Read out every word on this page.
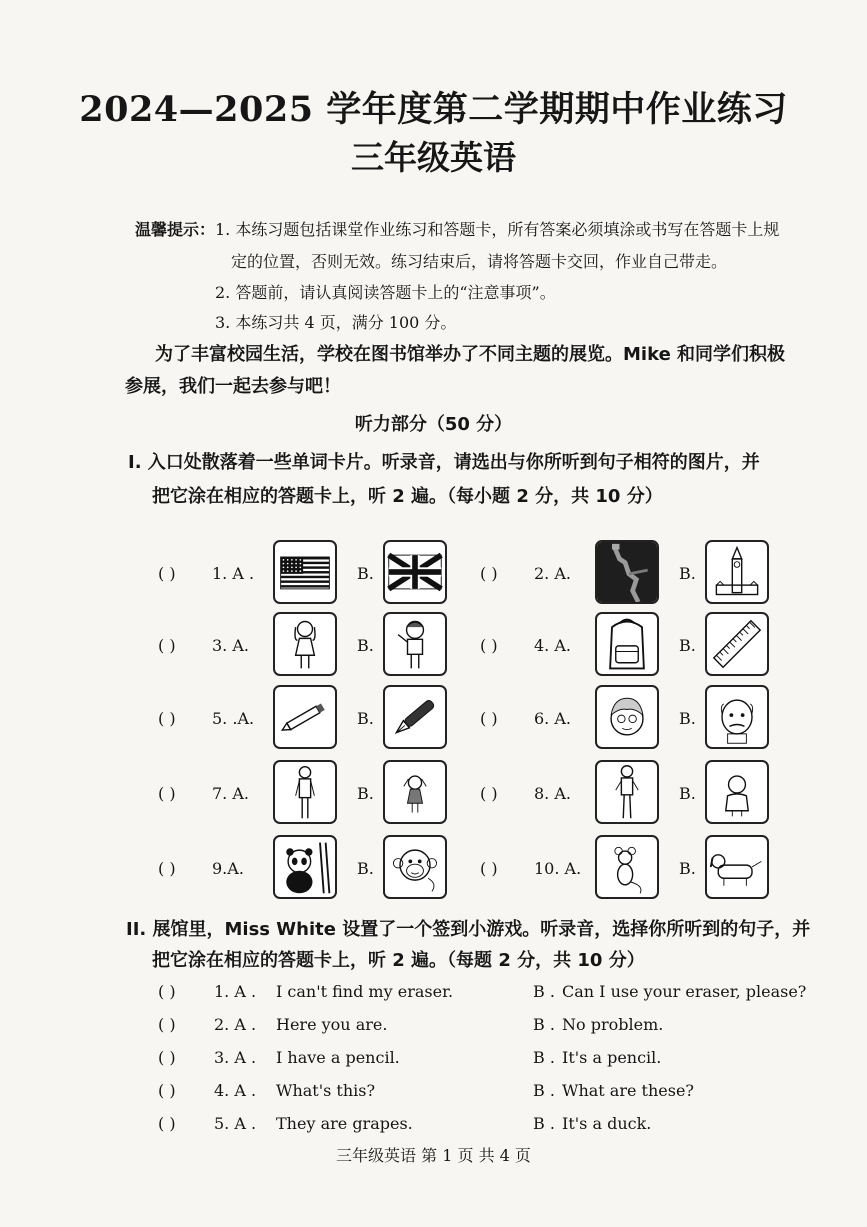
2024—2025 学年度第二学期期中作业练习
三年级英语
温馨提示： 1. 本练习题包括课堂作业练习和答题卡，所有答案必须填涂或书写在答题卡上规
定的位置，否则无效。练习结束后，请将答题卡交回，作业自己带走。
2. 答题前，请认真阅读答题卡上的“注意事项”。
3. 本练习共 4 页，满分 100 分。
为了丰富校园生活，学校在图书馆举办了不同主题的展览。Mike 和同学们积极
参展，我们一起去参与吧！
听力部分（50 分）
Ⅰ. 入口处散落着一些单词卡片。听录音，请选出与你所听到句子相符的图片，并
把它涂在相应的答题卡上，听 2 遍。（每小题 2 分，共 10 分）
( ) 1. A .	B.	( ) 2. A.	B.
( ) 3. A.	B.	( ) 4. A.	B.
( ) 5. .A.	B.	( ) 6. A.	B.
( ) 7. A.	B.	( ) 8. A.	B.
( ) 9.A.	B.	( ) 10. A.	B.
II. 展馆里，Miss White 设置了一个签到小游戏。听录音，选择你所听到的句子，并
把它涂在相应的答题卡上，听 2 遍。（每题 2 分，共 10 分）
( ) 1. A . I can't find my eraser.	B . Can I use your eraser, please?
( ) 2. A . Here you are.	B . No problem.
( ) 3. A . I have a pencil.	B . It's a pencil.
( ) 4. A . What's this?	B . What are these?
( ) 5. A . They are grapes.	B . It's a duck.
三年级英语 第 1 页 共 4 页
